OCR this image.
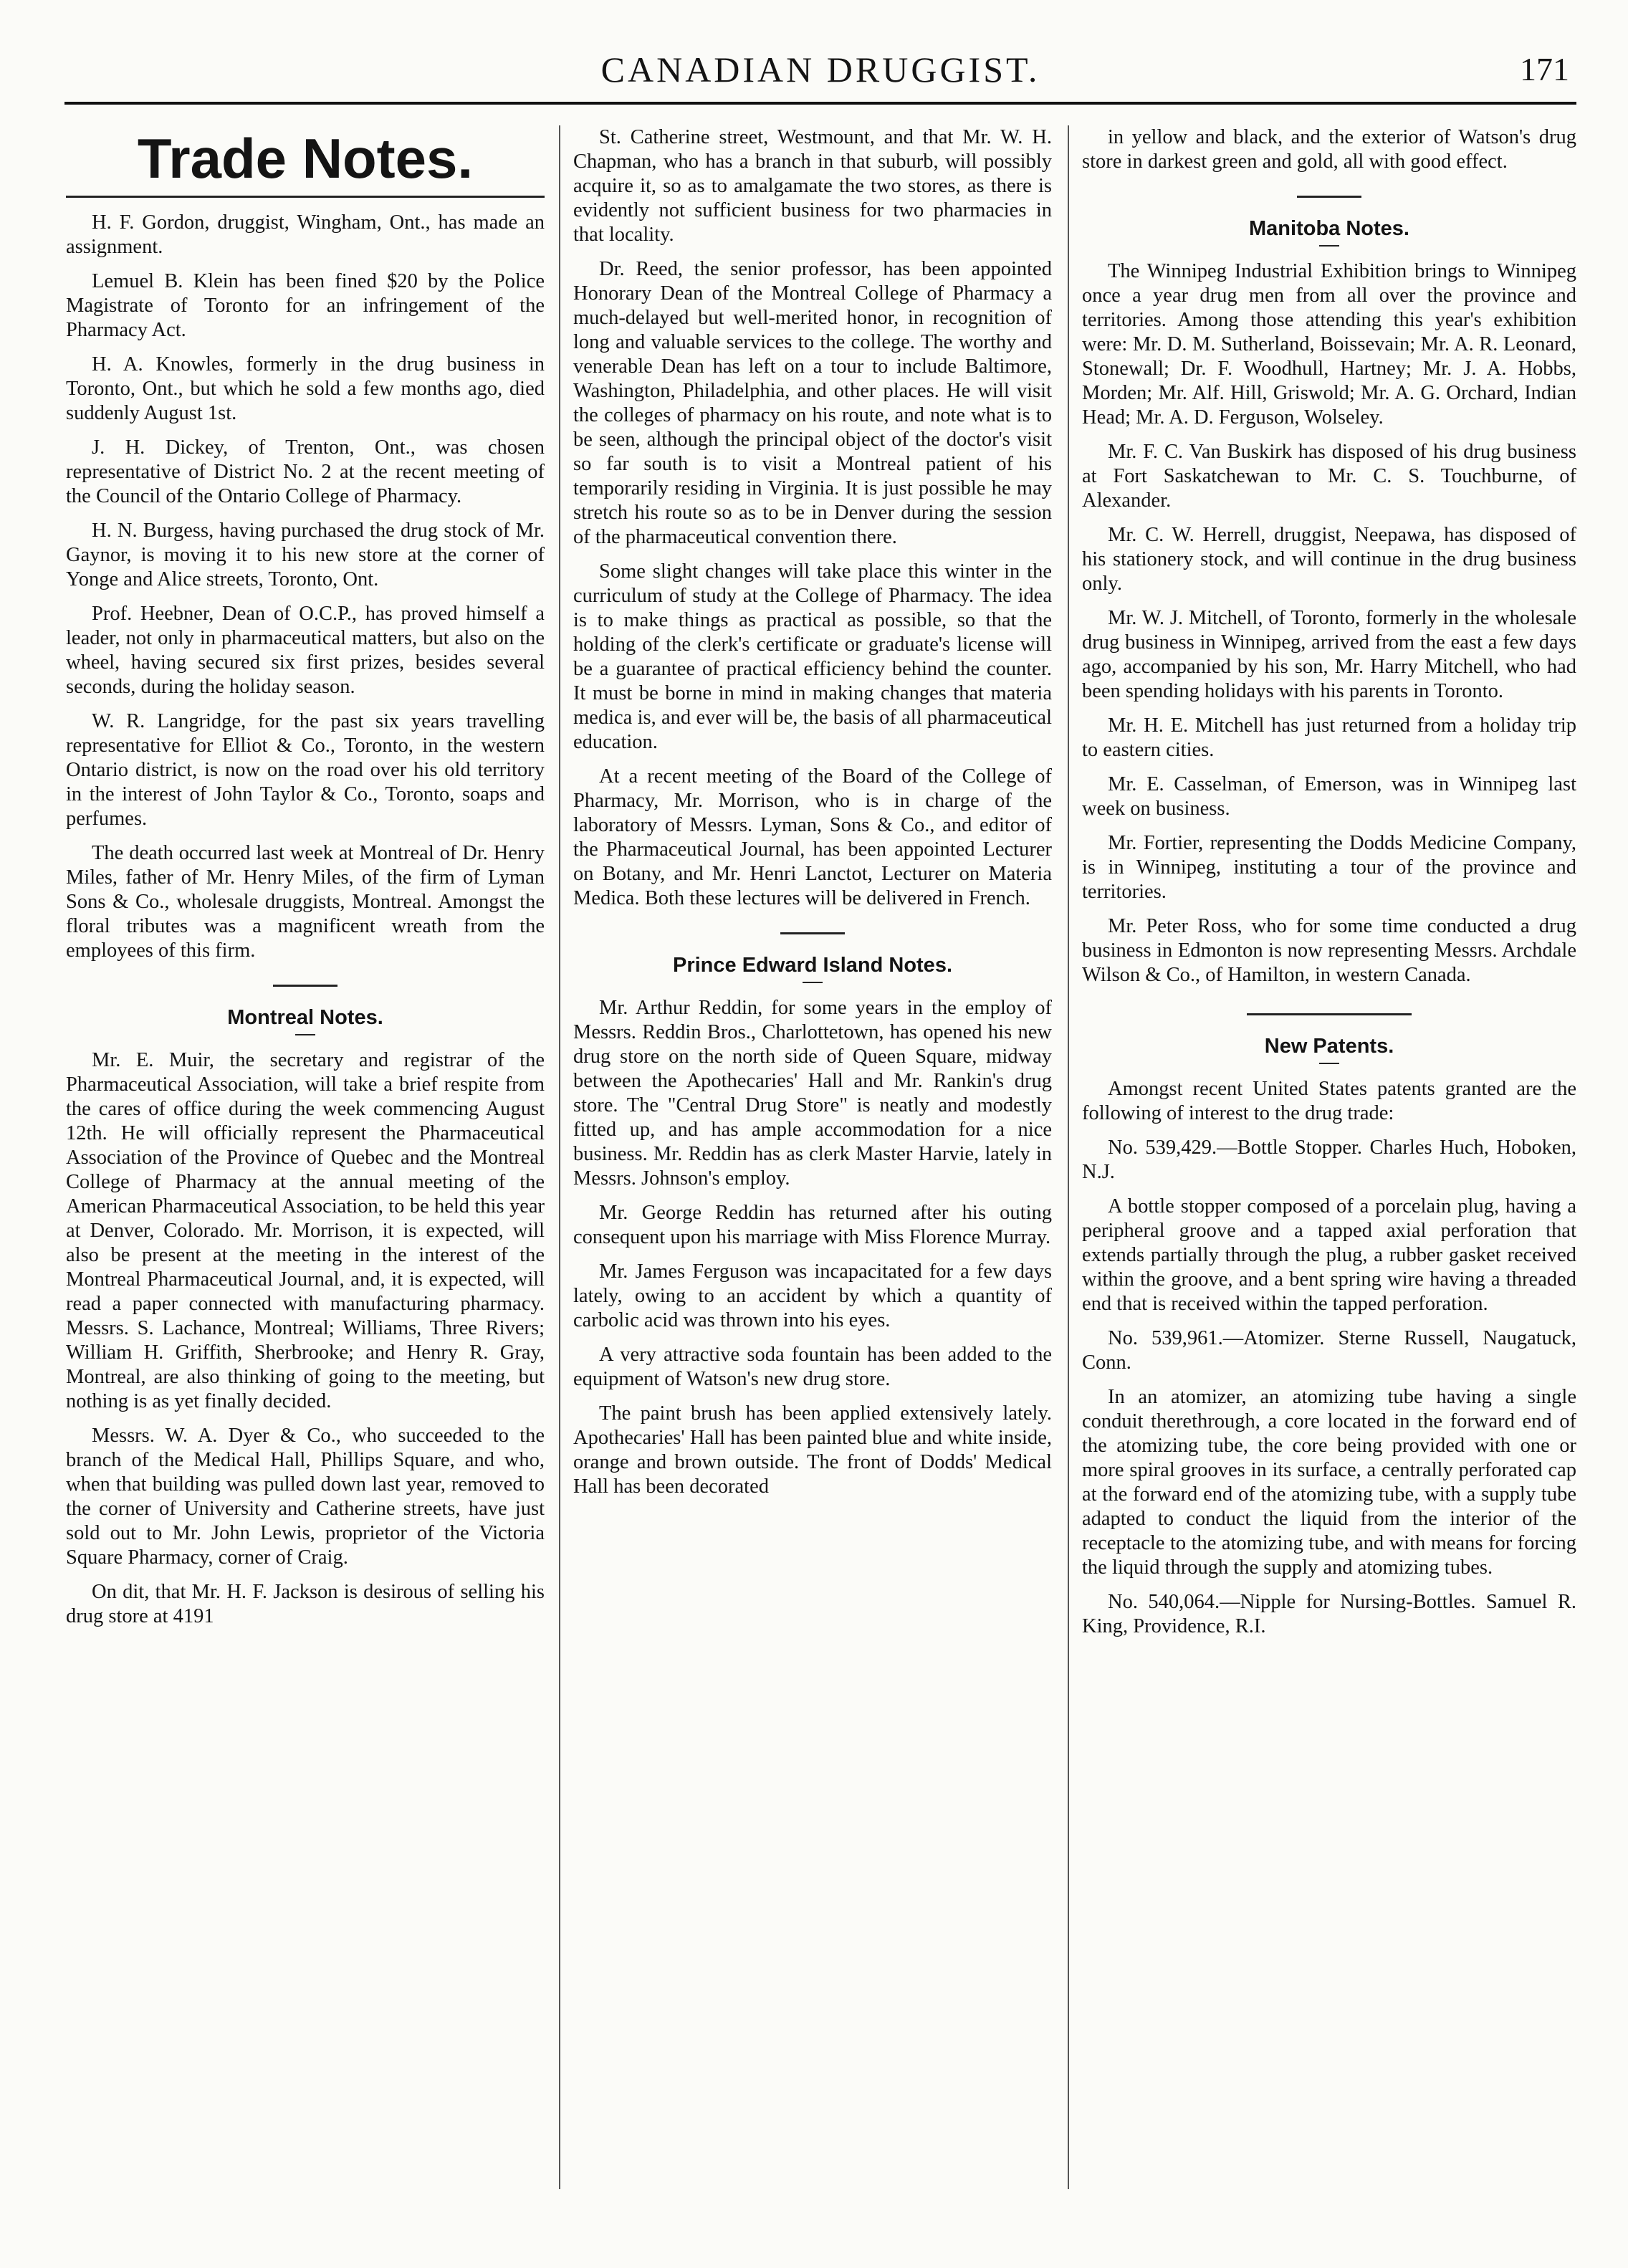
CANADIAN DRUGGIST.	171
Trade Notes.

H. F. Gordon, druggist, Wingham, Ont., has made an assignment.

Lemuel B. Klein has been fined $20 by the Police Magistrate of Toronto for an infringement of the Pharmacy Act.

H. A. Knowles, formerly in the drug business in Toronto, Ont., but which he sold a few months ago, died suddenly August 1st.

J. H. Dickey, of Trenton, Ont., was chosen representative of District No. 2 at the recent meeting of the Council of the Ontario College of Pharmacy.

H. N. Burgess, having purchased the drug stock of Mr. Gaynor, is moving it to his new store at the corner of Yonge and Alice streets, Toronto, Ont.

Prof. Heebner, Dean of O.C.P., has proved himself a leader, not only in pharmaceutical matters, but also on the wheel, having secured six first prizes, besides several seconds, during the holiday season.

W. R. Langridge, for the past six years travelling representative for Elliot & Co., Toronto, in the western Ontario district, is now on the road over his old territory in the interest of John Taylor & Co., Toronto, soaps and perfumes.

The death occurred last week at Montreal of Dr. Henry Miles, father of Mr. Henry Miles, of the firm of Lyman Sons & Co., wholesale druggists, Montreal. Amongst the floral tributes was a magnificent wreath from the employees of this firm.

Montreal Notes.

Mr. E. Muir, the secretary and registrar of the Pharmaceutical Association, will take a brief respite from the cares of office during the week commencing August 12th. He will officially represent the Pharmaceutical Association of the Province of Quebec and the Montreal College of Pharmacy at the annual meeting of the American Pharmaceutical Association, to be held this year at Denver, Colorado. Mr. Morrison, it is expected, will also be present at the meeting in the interest of the Montreal Pharmaceutical Journal, and, it is expected, will read a paper connected with manufacturing pharmacy. Messrs. S. Lachance, Montreal; Williams, Three Rivers; William H. Griffith, Sherbrooke; and Henry R. Gray, Montreal, are also thinking of going to the meeting, but nothing is as yet finally decided.

Messrs. W. A. Dyer & Co., who succeeded to the branch of the Medical Hall, Phillips Square, and who, when that building was pulled down last year, removed to the corner of University and Catherine streets, have just sold out to Mr. John Lewis, proprietor of the Victoria Square Pharmacy, corner of Craig.

On dit, that Mr. H. F. Jackson is desirous of selling his drug store at 4191

St. Catherine street, Westmount, and that Mr. W. H. Chapman, who has a branch in that suburb, will possibly acquire it, so as to amalgamate the two stores, as there is evidently not sufficient business for two pharmacies in that locality.

Dr. Reed, the senior professor, has been appointed Honorary Dean of the Montreal College of Pharmacy a much-delayed but well-merited honor, in recognition of long and valuable services to the college. The worthy and venerable Dean has left on a tour to include Baltimore, Washington, Philadelphia, and other places. He will visit the colleges of pharmacy on his route, and note what is to be seen, although the principal object of the doctor's visit so far south is to visit a Montreal patient of his temporarily residing in Virginia. It is just possible he may stretch his route so as to be in Denver during the session of the pharmaceutical convention there.

Some slight changes will take place this winter in the curriculum of study at the College of Pharmacy. The idea is to make things as practical as possible, so that the holding of the clerk's certificate or graduate's license will be a guarantee of practical efficiency behind the counter. It must be borne in mind in making changes that materia medica is, and ever will be, the basis of all pharmaceutical education.

At a recent meeting of the Board of the College of Pharmacy, Mr. Morrison, who is in charge of the laboratory of Messrs. Lyman, Sons & Co., and editor of the Pharmaceutical Journal, has been appointed Lecturer on Botany, and Mr. Henri Lanctot, Lecturer on Materia Medica. Both these lectures will be delivered in French.

Prince Edward Island Notes.

Mr. Arthur Reddin, for some years in the employ of Messrs. Reddin Bros., Charlottetown, has opened his new drug store on the north side of Queen Square, midway between the Apothecaries' Hall and Mr. Rankin's drug store. The "Central Drug Store" is neatly and modestly fitted up, and has ample accommodation for a nice business. Mr. Reddin has as clerk Master Harvie, lately in Messrs. Johnson's employ.

Mr. George Reddin has returned after his outing consequent upon his marriage with Miss Florence Murray.

Mr. James Ferguson was incapacitated for a few days lately, owing to an accident by which a quantity of carbolic acid was thrown into his eyes.

A very attractive soda fountain has been added to the equipment of Watson's new drug store.

The paint brush has been applied extensively lately. Apothecaries' Hall has been painted blue and white inside, orange and brown outside. The front of Dodds' Medical Hall has been decorated

in yellow and black, and the exterior of Watson's drug store in darkest green and gold, all with good effect.

Manitoba Notes.

The Winnipeg Industrial Exhibition brings to Winnipeg once a year drug men from all over the province and territories. Among those attending this year's exhibition were: Mr. D. M. Sutherland, Boissevain; Mr. A. R. Leonard, Stonewall; Dr. F. Woodhull, Hartney; Mr. J. A. Hobbs, Morden; Mr. Alf. Hill, Griswold; Mr. A. G. Orchard, Indian Head; Mr. A. D. Ferguson, Wolseley.

Mr. F. C. Van Buskirk has disposed of his drug business at Fort Saskatchewan to Mr. C. S. Touchburne, of Alexander.

Mr. C. W. Herrell, druggist, Neepawa, has disposed of his stationery stock, and will continue in the drug business only.

Mr. W. J. Mitchell, of Toronto, formerly in the wholesale drug business in Winnipeg, arrived from the east a few days ago, accompanied by his son, Mr. Harry Mitchell, who had been spending holidays with his parents in Toronto.

Mr. H. E. Mitchell has just returned from a holiday trip to eastern cities.

Mr. E. Casselman, of Emerson, was in Winnipeg last week on business.

Mr. Fortier, representing the Dodds Medicine Company, is in Winnipeg, instituting a tour of the province and territories.

Mr. Peter Ross, who for some time conducted a drug business in Edmonton is now representing Messrs. Archdale Wilson & Co., of Hamilton, in western Canada.

New Patents.

Amongst recent United States patents granted are the following of interest to the drug trade:

No. 539,429.—Bottle Stopper. Charles Huch, Hoboken, N.J.

A bottle stopper composed of a porcelain plug, having a peripheral groove and a tapped axial perforation that extends partially through the plug, a rubber gasket received within the groove, and a bent spring wire having a threaded end that is received within the tapped perforation.

No. 539,961.—Atomizer. Sterne Russell, Naugatuck, Conn.

In an atomizer, an atomizing tube having a single conduit therethrough, a core located in the forward end of the atomizing tube, the core being provided with one or more spiral grooves in its surface, a centrally perforated cap at the forward end of the atomizing tube, with a supply tube adapted to conduct the liquid from the interior of the receptacle to the atomizing tube, and with means for forcing the liquid through the supply and atomizing tubes.

No. 540,064.—Nipple for Nursing-Bottles. Samuel R. King, Providence, R.I.
